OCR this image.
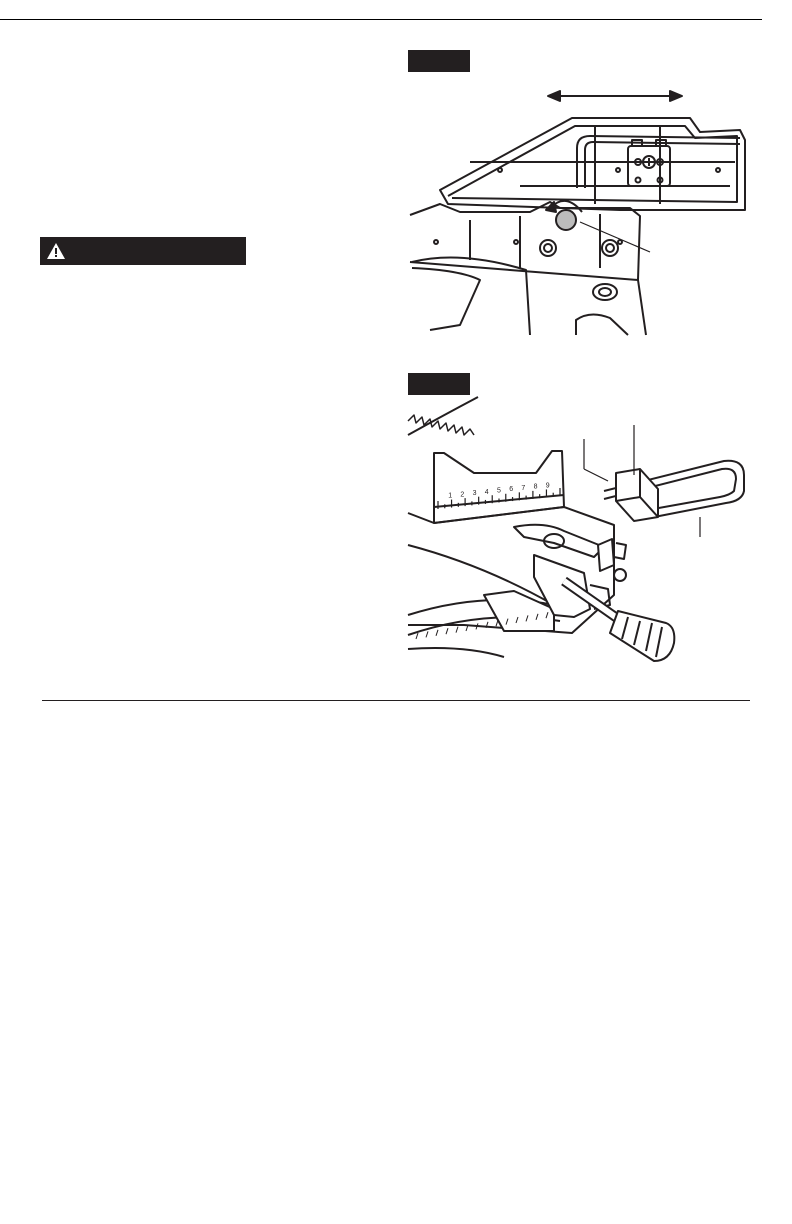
1 2 3 4 5 6 7 8 9
